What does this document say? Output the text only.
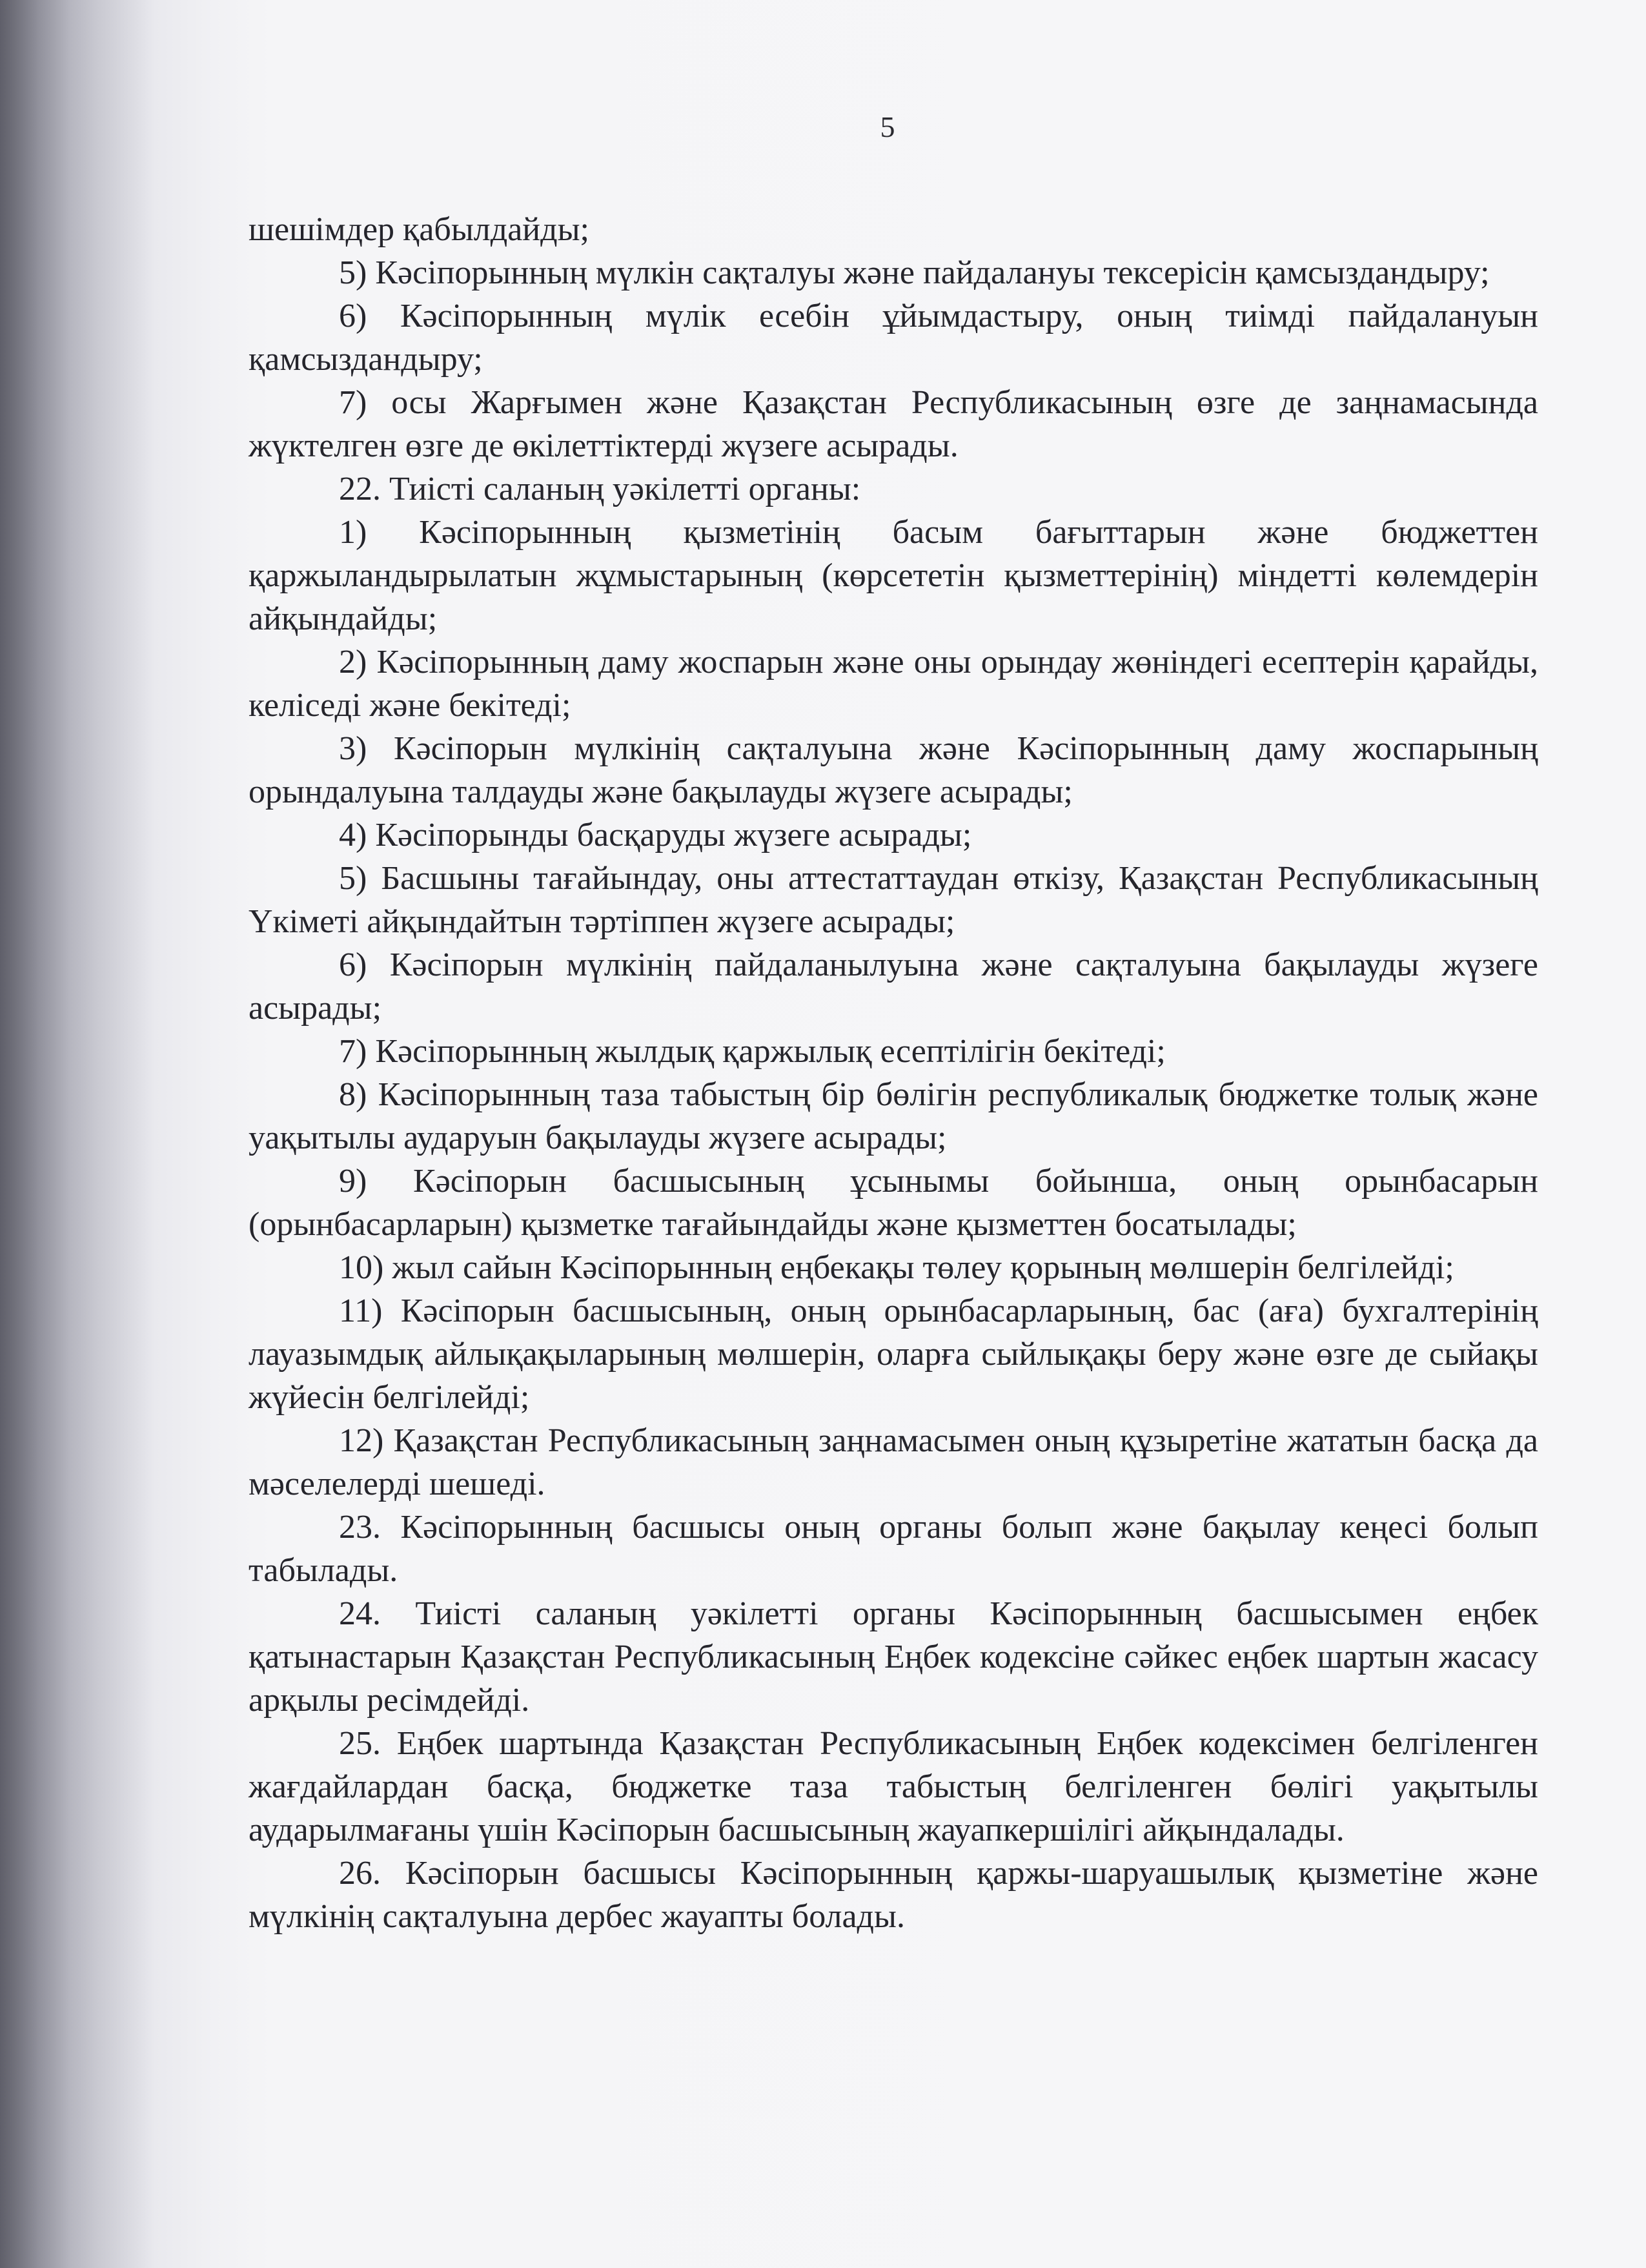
5

шешімдер қабылдайды;

5) Кәсіпорынның мүлкін сақталуы және пайдалануы тексерісін қамсыздандыру;

6) Кәсіпорынның мүлік есебін ұйымдастыру, оның тиімді пайдалануын қамсыздандыру;

7) осы Жарғымен және Қазақстан Республикасының өзге де заңнамасында жүктелген өзге де өкілеттіктерді жүзеге асырады.

22. Тиісті саланың уәкілетті органы:

1) Кәсіпорынның қызметінің басым бағыттарын және бюджеттен қаржыландырылатын жұмыстарының (көрсететін қызметтерінің) міндетті көлемдерін айқындайды;

2) Кәсіпорынның даму жоспарын және оны орындау жөніндегі есептерін қарайды, келіседі және бекітеді;

3) Кәсіпорын мүлкінің сақталуына және Кәсіпорынның даму жоспарының орындалуына талдауды және бақылауды жүзеге асырады;

4) Кәсіпорынды басқаруды жүзеге асырады;

5) Басшыны тағайындау, оны аттестаттаудан өткізу, Қазақстан Республикасының Үкіметі айқындайтын тәртіппен жүзеге асырады;

6) Кәсіпорын мүлкінің пайдаланылуына және сақталуына бақылауды жүзеге асырады;

7) Кәсіпорынның жылдық қаржылық есептілігін бекітеді;

8) Кәсіпорынның таза табыстың бір бөлігін республикалық бюджетке толық және уақытылы аударуын бақылауды жүзеге асырады;

9) Кәсіпорын басшысының ұсынымы бойынша, оның орынбасарын (орынбасарларын) қызметке тағайындайды және қызметтен босатылады;

10) жыл сайын Кәсіпорынның еңбекақы төлеу қорының мөлшерін белгілейді;

11) Кәсіпорын басшысының, оның орынбасарларының, бас (аға) бухгалтерінің лауазымдық айлықақыларының мөлшерін, оларға сыйлықақы беру және өзге де сыйақы жүйесін белгілейді;

12) Қазақстан Республикасының заңнамасымен оның құзыретіне жататын басқа да мәселелерді шешеді.

23. Кәсіпорынның басшысы оның органы болып және бақылау кеңесі болып табылады.

24. Тиісті саланың уәкілетті органы Кәсіпорынның басшысымен еңбек қатынастарын Қазақстан Республикасының Еңбек кодексіне сәйкес еңбек шартын жасасу арқылы ресімдейді.

25. Еңбек шартында Қазақстан Республикасының Еңбек кодексімен белгіленген жағдайлардан басқа, бюджетке таза табыстың белгіленген бөлігі уақытылы аударылмағаны үшін Кәсіпорын басшысының жауапкершілігі айқындалады.

26. Кәсіпорын басшысы Кәсіпорынның қаржы-шаруашылық қызметіне және мүлкінің сақталуына дербес жауапты болады.
